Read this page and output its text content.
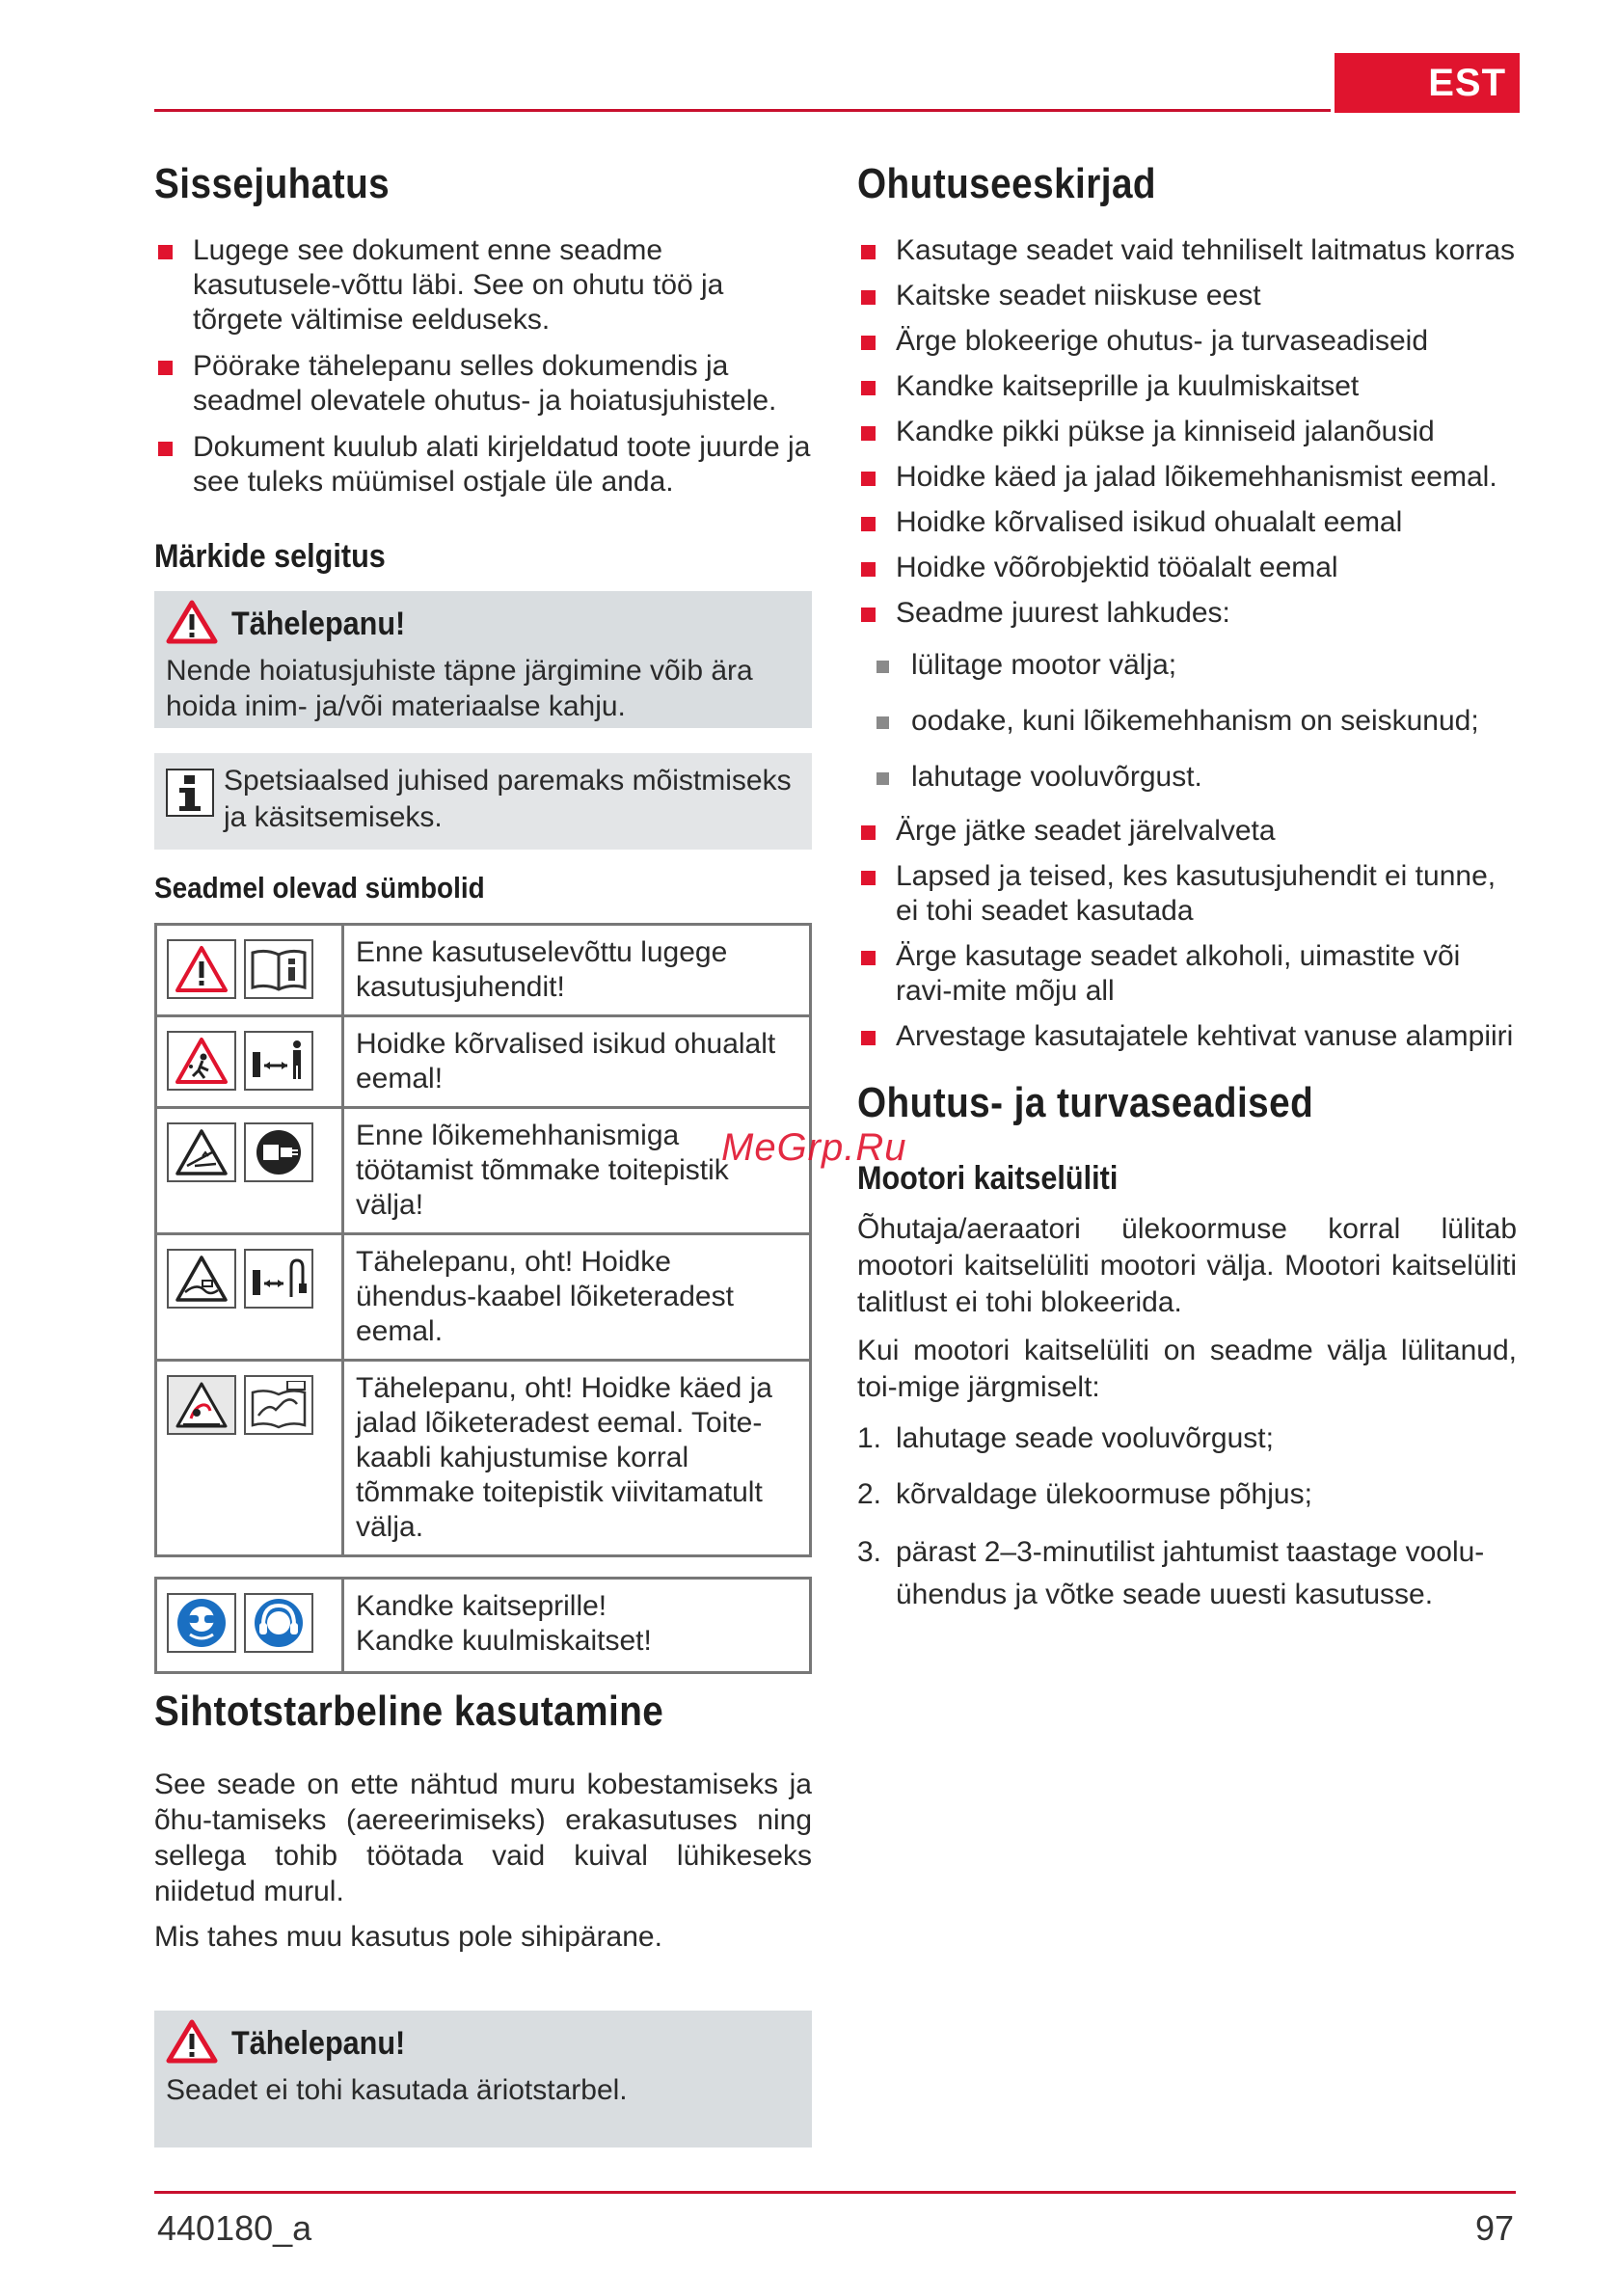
EST
440180_a	97
Sissejuhatus
Lugege see dokument enne seadme kasutusele-võttu läbi. See on ohutu töö ja tõrgete vältimise eelduseks.
Pöörake tähelepanu selles dokumendis ja seadmel olevatele ohutus- ja hoiatusjuhistele.
Dokument kuulub alati kirjeldatud toote juurde ja see tuleks müümisel ostjale üle anda.
Märkide selgitus
Tähelepanu!
Nende hoiatusjuhiste täpne järgimine võib ära hoida inim- ja/või materiaalse kahju.
Spetsiaalsed juhised paremaks mõistmiseks ja käsitsemiseks.
Seadmel olevad sümbolid
	Enne kasutuselevõttu lugege kasutusjuhendit!

	Hoidke kõrvalised isikud ohualalt eemal!

	Enne lõikemehhanismiga töötamist tõmmake toitepistik välja!

	Tähelepanu, oht! Hoidke ühendus-kaabel lõiketeradest eemal.

	Tähelepanu, oht! Hoidke käed ja jalad lõiketeradest eemal. Toite-kaabli kahjustumise korral tõmmake toitepistik viivitamatult välja.

Kandke kaitseprille!
Kandke kuulmiskaitset!
Sihtotstarbeline kasutamine
See seade on ette nähtud muru kobestamiseks ja õhu-tamiseks (aereerimiseks) erakasutuses ning sellega tohib töötada vaid kuival lühikeseks niidetud murul.
Mis tahes muu kasutus pole sihipärane.
Tähelepanu!
Seadet ei tohi kasutada äriotstarbel.
Ohutuseeskirjad
Kasutage seadet vaid tehniliselt laitmatus korras
Kaitske seadet niiskuse eest
Ärge blokeerige ohutus- ja turvaseadiseid
Kandke kaitseprille ja kuulmiskaitset
Kandke pikki pükse ja kinniseid jalanõusid
Hoidke käed ja jalad lõikemehhanismist eemal.
Hoidke kõrvalised isikud ohualalt eemal
Hoidke võõrobjektid tööalalt eemal
Seadme juurest lahkudes:
lülitage mootor välja;
oodake, kuni lõikemehhanism on seiskunud;
lahutage vooluvõrgust.
Ärge jätke seadet järelvalveta
Lapsed ja teised, kes kasutusjuhendit ei tunne, ei tohi seadet kasutada
Ärge kasutage seadet alkoholi, uimastite või ravi-mite mõju all
Arvestage kasutajatele kehtivat vanuse alampiiri
Ohutus- ja turvaseadised
Mootori kaitselüliti
Õhutaja/aeraatori ülekoormuse korral lülitab mootori kaitselüliti mootori välja. Mootori kaitselüliti talitlust ei tohi blokeerida.
Kui mootori kaitselüliti on seadme välja lülitanud, toi-mige järgmiselt:
1. lahutage seade vooluvõrgust;
2. kõrvaldage ülekoormuse põhjus;
3. pärast 2–3-minutilist jahtumist taastage voolu-ühendus ja võtke seade uuesti kasutusse.
MeGrp.Ru
